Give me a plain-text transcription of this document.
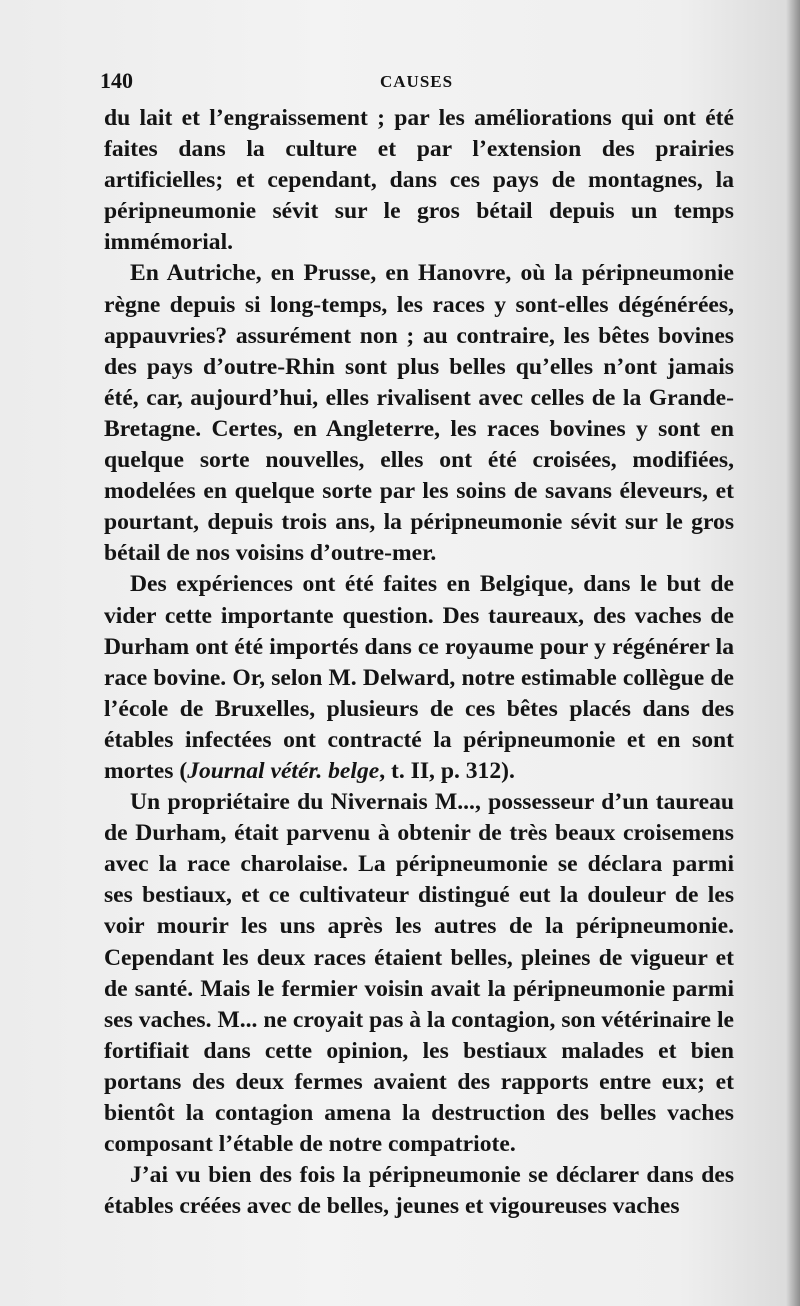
140	CAUSES

du lait et l’engraissement ; par les améliorations qui ont été faites dans la culture et par l’extension des prairies artificielles; et cependant, dans ces pays de montagnes, la péripneumonie sévit sur le gros bétail depuis un temps immémorial.

En Autriche, en Prusse, en Hanovre, où la péripneumonie règne depuis si long-temps, les races y sont-elles dégénérées, appauvries? assurément non ; au contraire, les bêtes bovines des pays d’outre-Rhin sont plus belles qu’elles n’ont jamais été, car, aujourd’hui, elles rivalisent avec celles de la Grande-Bretagne. Certes, en Angleterre, les races bovines y sont en quelque sorte nouvelles, elles ont été croisées, modifiées, modelées en quelque sorte par les soins de savans éleveurs, et pourtant, depuis trois ans, la péripneumonie sévit sur le gros bétail de nos voisins d’outre-mer.

Des expériences ont été faites en Belgique, dans le but de vider cette importante question. Des taureaux, des vaches de Durham ont été importés dans ce royaume pour y régénérer la race bovine. Or, selon M. Delward, notre estimable collègue de l’école de Bruxelles, plusieurs de ces bêtes placés dans des étables infectées ont contracté la péripneumonie et en sont mortes (Journal vétér. belge, t. II, p. 312).

Un propriétaire du Nivernais M..., possesseur d’un taureau de Durham, était parvenu à obtenir de très beaux croisemens avec la race charolaise. La péripneumonie se déclara parmi ses bestiaux, et ce cultivateur distingué eut la douleur de les voir mourir les uns après les autres de la péripneumonie. Cependant les deux races étaient belles, pleines de vigueur et de santé. Mais le fermier voisin avait la péripneumonie parmi ses vaches. M... ne croyait pas à la contagion, son vétérinaire le fortifiait dans cette opinion, les bestiaux malades et bien portans des deux fermes avaient des rapports entre eux; et bientôt la contagion amena la destruction des belles vaches composant l’étable de notre compatriote.

J’ai vu bien des fois la péripneumonie se déclarer dans des étables créées avec de belles, jeunes et vigoureuses vaches
